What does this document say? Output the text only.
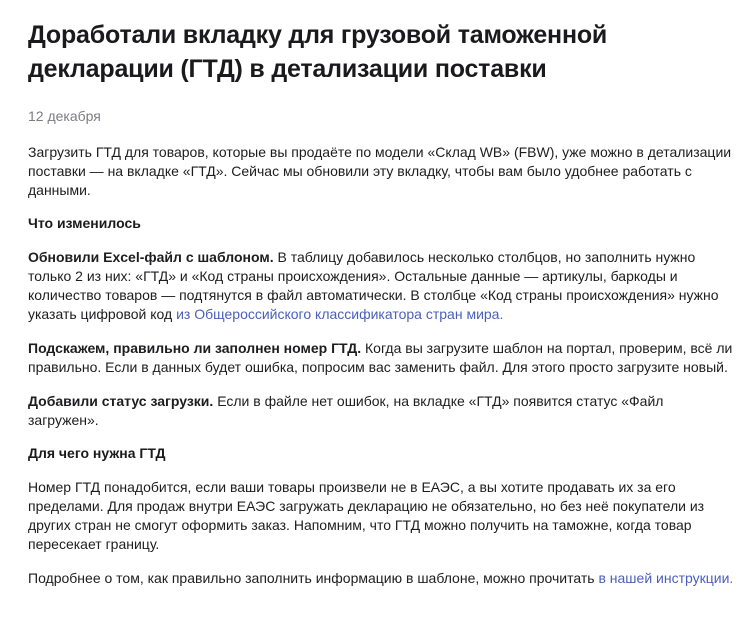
Доработали вкладку для грузовой таможенной декларации (ГТД) в детализации поставки
12 декабря

Загрузить ГТД для товаров, которые вы продаёте по модели «Склад WB» (FBW), уже можно в детализации поставки — на вкладке «ГТД». Сейчас мы обновили эту вкладку, чтобы вам было удобнее работать с данными.

Что изменилось

Обновили Excel-файл с шаблоном. В таблицу добавилось несколько столбцов, но заполнить нужно только 2 из них: «ГТД» и «Код страны происхождения». Остальные данные — артикулы, баркоды и количество товаров — подтянутся в файл автоматически. В столбце «Код страны происхождения» нужно указать цифровой код из Общероссийского классификатора стран мира.

Подскажем, правильно ли заполнен номер ГТД. Когда вы загрузите шаблон на портал, проверим, всё ли правильно. Если в данных будет ошибка, попросим вас заменить файл. Для этого просто загрузите новый.

Добавили статус загрузки. Если в файле нет ошибок, на вкладке «ГТД» появится статус «Файл загружен».

Для чего нужна ГТД

Номер ГТД понадобится, если ваши товары произвели не в ЕАЭС, а вы хотите продавать их за его пределами. Для продаж внутри ЕАЭС загружать декларацию не обязательно, но без неё покупатели из других стран не смогут оформить заказ. Напомним, что ГТД можно получить на таможне, когда товар пересекает границу.

Подробнее о том, как правильно заполнить информацию в шаблоне, можно прочитать в нашей инструкции.
